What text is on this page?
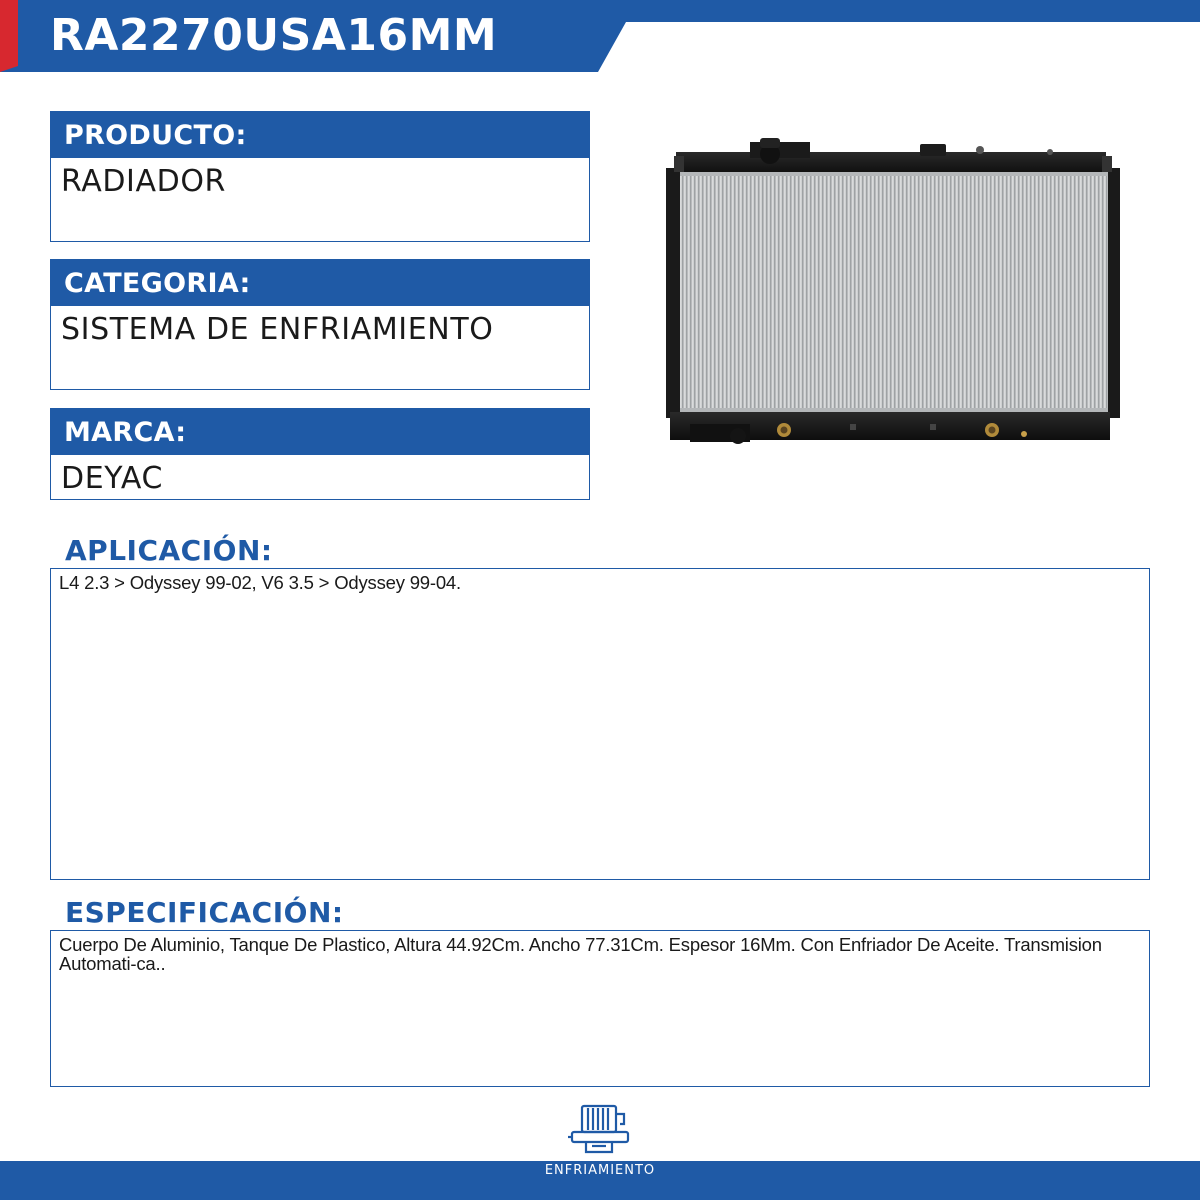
RA2270USA16MM
PRODUCTO:
RADIADOR
CATEGORIA:
SISTEMA DE ENFRIAMIENTO
MARCA:
DEYAC
APLICACIÓN:
L4 2.3 > Odyssey 99-02, V6 3.5 > Odyssey 99-04.
ESPECIFICACIÓN:
Cuerpo De Aluminio, Tanque De Plastico, Altura 44.92Cm. Ancho 77.31Cm. Espesor 16Mm. Con Enfriador De Aceite. Transmision Automati-ca..
ENFRIAMIENTO
